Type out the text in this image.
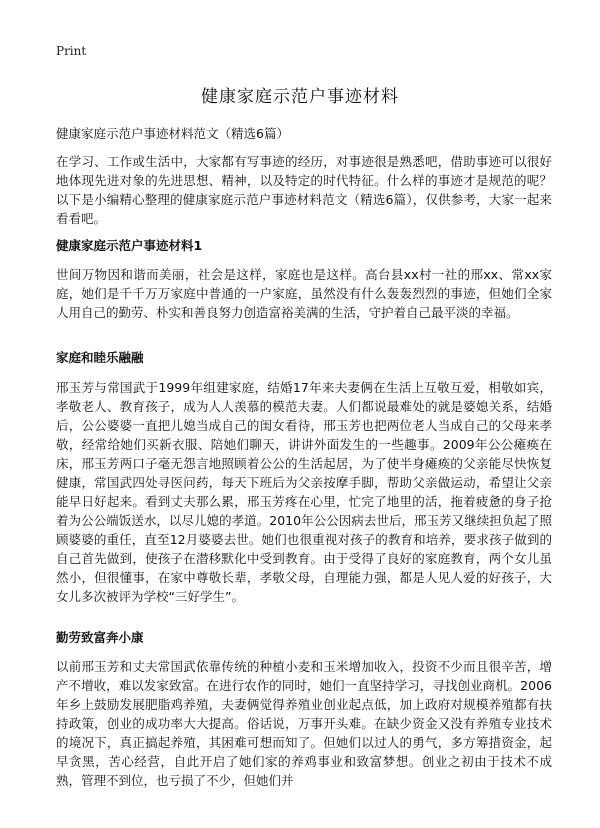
Print
健康家庭示范户事迹材料
健康家庭示范户事迹材料范文（精选6篇）

在学习、工作或生活中，大家都有写事迹的经历，对事迹很是熟悉吧，借助事迹可以很好地体现先进对象的先进思想、精神，以及特定的时代特征。什么样的事迹才是规范的呢？以下是小编精心整理的健康家庭示范户事迹材料范文（精选6篇），仅供参考，大家一起来看看吧。

健康家庭示范户事迹材料1

世间万物因和谐而美丽，社会是这样，家庭也是这样。高台县xx村一社的邢xx、常xx家庭，她们是千千万万家庭中普通的一户家庭，虽然没有什么轰轰烈烈的事迹，但她们全家人用自己的勤劳、朴实和善良努力创造富裕美满的生活，守护着自己最平淡的幸福。

家庭和睦乐融融

邢玉芳与常国武于1999年组建家庭，结婚17年来夫妻俩在生活上互敬互爱，相敬如宾，孝敬老人、教育孩子，成为人人羡慕的模范夫妻。人们都说最难处的就是婆媳关系，结婚后，公公婆婆一直把儿媳当成自己的闺女看待，邢玉芳也把两位老人当成自己的父母来孝敬，经常给她们买新衣服、陪她们聊天，讲讲外面发生的一些趣事。2009年公公瘫痪在床，邢玉芳两口子毫无怨言地照顾着公公的生活起居，为了使半身瘫痪的父亲能尽快恢复健康，常国武四处寻医问药，每天下班后为父亲按摩手脚，帮助父亲做运动，希望让父亲能早日好起来。看到丈夫那么累，邢玉芳疼在心里，忙完了地里的活，拖着疲惫的身子抢着为公公端饭送水，以尽儿媳的孝道。2010年公公因病去世后，邢玉芳又继续担负起了照顾婆婆的重任，直至12月婆婆去世。她们也很重视对孩子的教育和培养，要求孩子做到的自己首先做到，使孩子在潜移默化中受到教育。由于受得了良好的家庭教育，两个女儿虽然小，但很懂事，在家中尊敬长辈，孝敬父母，自理能力强，都是人见人爱的好孩子，大女儿多次被评为学校“三好学生”。

勤劳致富奔小康

以前邢玉芳和丈夫常国武依靠传统的种植小麦和玉米增加收入，投资不少而且很辛苦，增产不增收，难以发家致富。在进行农作的同时，她们一直坚持学习，寻找创业商机。2006年乡上鼓励发展肥脂鸡养殖，夫妻俩觉得养殖业创业起点低，加上政府对规模养殖都有扶持政策，创业的成功率大大提高。俗话说，万事开头难。在缺少资金又没有养殖专业技术的境况下，真正搞起养殖，其困难可想而知了。但她们以过人的勇气，多方筹措资金，起早贪黑，苦心经营，自此开启了她们家的养鸡事业和致富梦想。创业之初由于技术不成熟，管理不到位，也亏损了不少，但她们并
